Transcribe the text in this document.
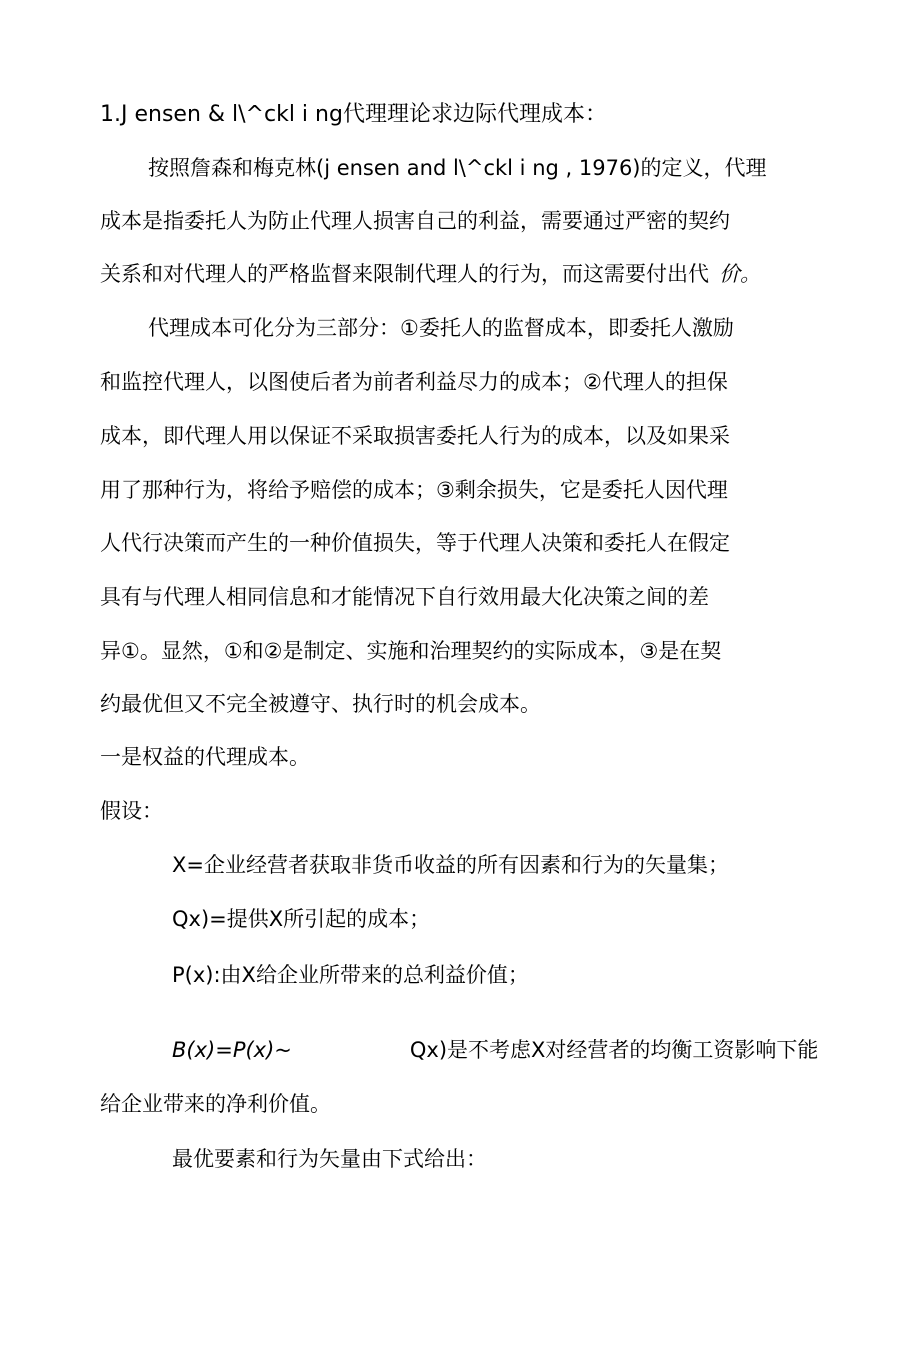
1.J ensen & l\^ckl i ng代理理论求边际代理成本：

按照詹森和梅克林(j ensen and l\^ckl i ng , 1976)的定义，代理

成本是指委托人为防止代理人损害自己的利益，需要通过严密的契约

关系和对代理人的严格监督来限制代理人的行为，而这需要付出代 价。

代理成本可化分为三部分：①委托人的监督成本，即委托人激励

和监控代理人，以图使后者为前者利益尽力的成本；②代理人的担保

成本，即代理人用以保证不采取损害委托人行为的成本，以及如果采

用了那种行为，将给予赔偿的成本；③剩余损失，它是委托人因代理

人代行决策而产生的一种价值损失，等于代理人决策和委托人在假定

具有与代理人相同信息和才能情况下自行效用最大化决策之间的差

异①。显然，①和②是制定、实施和治理契约的实际成本，③是在契

约最优但又不完全被遵守、执行时的机会成本。

一是权益的代理成本。

假设：

X=企业经营者获取非货币收益的所有因素和行为的矢量集；

Qx)=提供X所引起的成本；

P(x):由X给企业所带来的总利益价值；

B(x)=P(x)~	Qx)是不考虑X对经营者的均衡工资影响下能

给企业带来的净利价值。

最优要素和行为矢量由下式给出：
